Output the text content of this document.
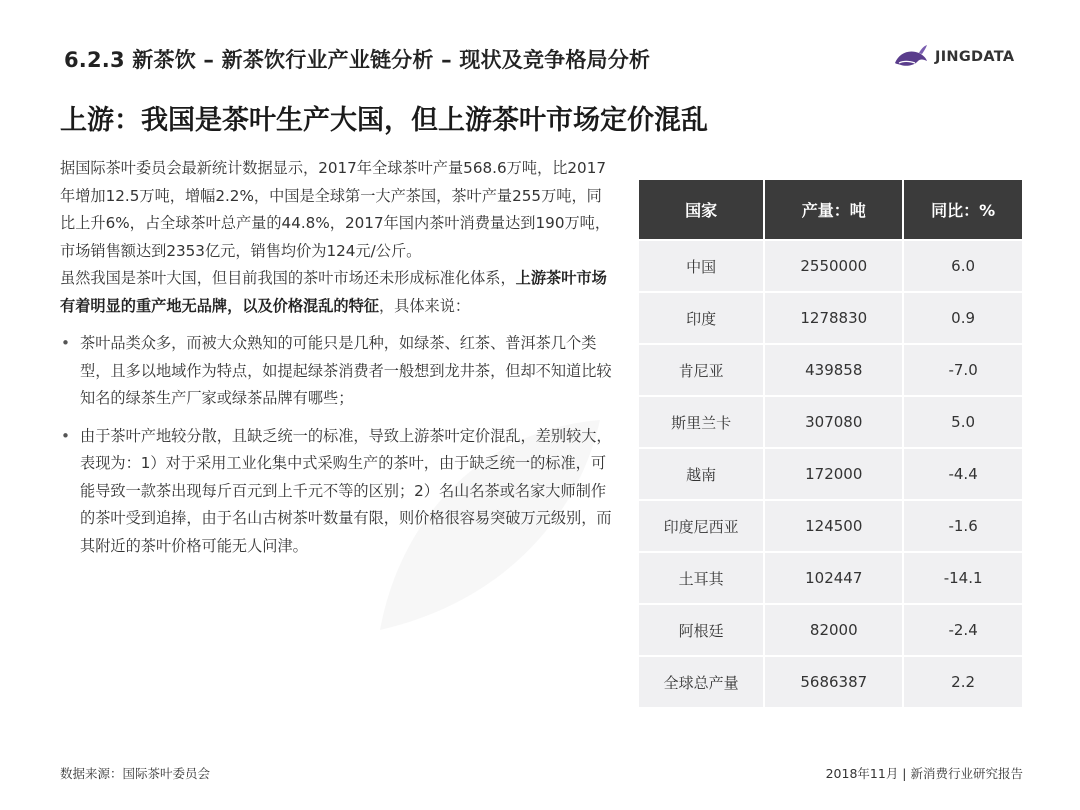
6.2.3 新茶饮 – 新茶饮行业产业链分析 – 现状及竞争格局分析	JINGDATA
上游：我国是茶叶生产大国，但上游茶叶市场定价混乱

据国际茶叶委员会最新统计数据显示，2017年全球茶叶产量568.6万吨，比2017年增加12.5万吨，增幅2.2%，中国是全球第一大产茶国，茶叶产量255万吨，同比上升6%，占全球茶叶总产量的44.8%，2017年国内茶叶消费量达到190万吨，市场销售额达到2353亿元，销售均价为124元/公斤。

虽然我国是茶叶大国，但目前我国的茶叶市场还未形成标准化体系，上游茶叶市场有着明显的重产地无品牌，以及价格混乱的特征，具体来说：

• 茶叶品类众多，而被大众熟知的可能只是几种，如绿茶、红茶、普洱茶几个类型，且多以地域作为特点，如提起绿茶消费者一般想到龙井茶，但却不知道比较知名的绿茶生产厂家或绿茶品牌有哪些；
• 由于茶叶产地较分散，且缺乏统一的标准，导致上游茶叶定价混乱，差别较大，表现为：1）对于采用工业化集中式采购生产的茶叶，由于缺乏统一的标准，可能导致一款茶出现每斤百元到上千元不等的区别；2）名山名茶或名家大师制作的茶叶受到追捧，由于名山古树茶叶数量有限，则价格很容易突破万元级别，而其附近的茶叶价格可能无人问津。
国家	产量：吨	同比：%
中国	2550000	6.0
印度	1278830	0.9
肯尼亚	439858	-7.0
斯里兰卡	307080	5.0
越南	172000	-4.4
印度尼西亚	124500	-1.6
土耳其	102447	-14.1
阿根廷	82000	-2.4
全球总产量	5686387	2.2
数据来源：国际茶叶委员会	2018年11月 | 新消费行业研究报告
